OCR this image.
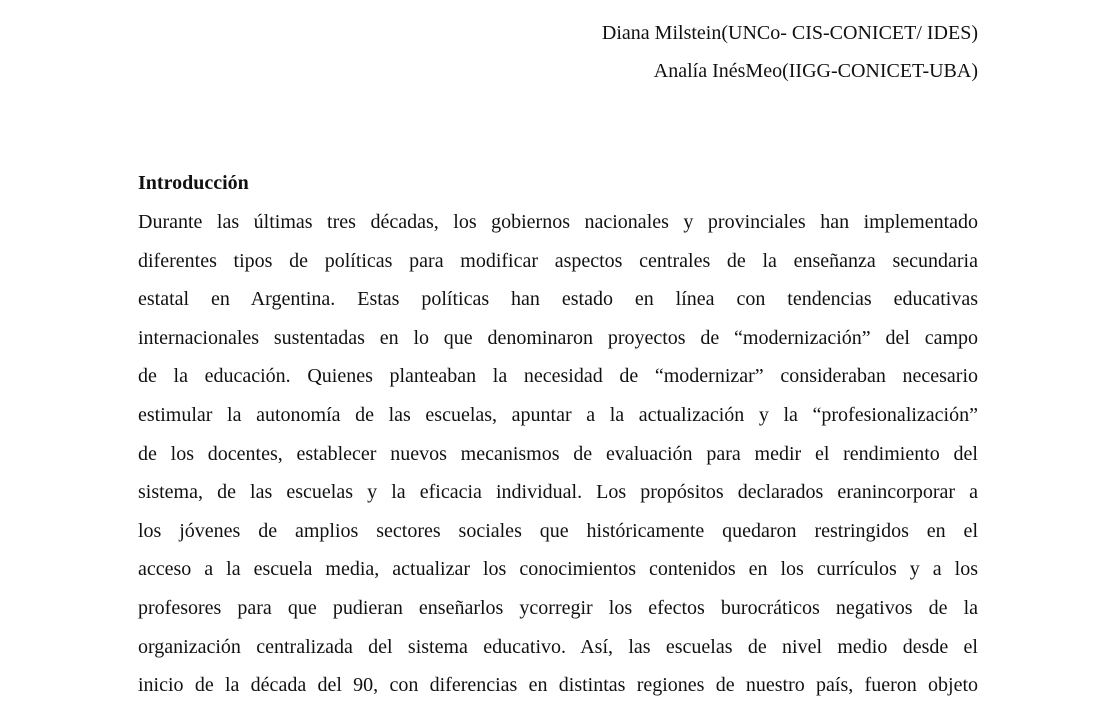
Diana Milstein(UNCo- CIS-CONICET/ IDES)
Analía InésMeo(IIGG-CONICET-UBA)
Introducción
Durante las últimas tres décadas, los gobiernos nacionales y provinciales han implementado
diferentes tipos de políticas para modificar aspectos centrales de la enseñanza secundaria
estatal en Argentina. Estas políticas han estado en línea con tendencias educativas
internacionales sustentadas en lo que denominaron proyectos de “modernización” del campo
de la educación. Quienes planteaban la necesidad de “modernizar” consideraban necesario
estimular la autonomía de las escuelas, apuntar a la actualización y la “profesionalización”
de los docentes, establecer nuevos mecanismos de evaluación para medir el rendimiento del
sistema, de las escuelas y la eficacia individual. Los propósitos declarados eranincorporar a
los jóvenes de amplios sectores sociales que históricamente quedaron restringidos en el
acceso a la escuela media, actualizar los conocimientos contenidos en los currículos y a los
profesores para que pudieran enseñarlos ycorregir los efectos burocráticos negativos de la
organización centralizada del sistema educativo. Así, las escuelas de nivel medio desde el
inicio de la década del 90, con diferencias en distintas regiones de nuestro país, fueron objeto
